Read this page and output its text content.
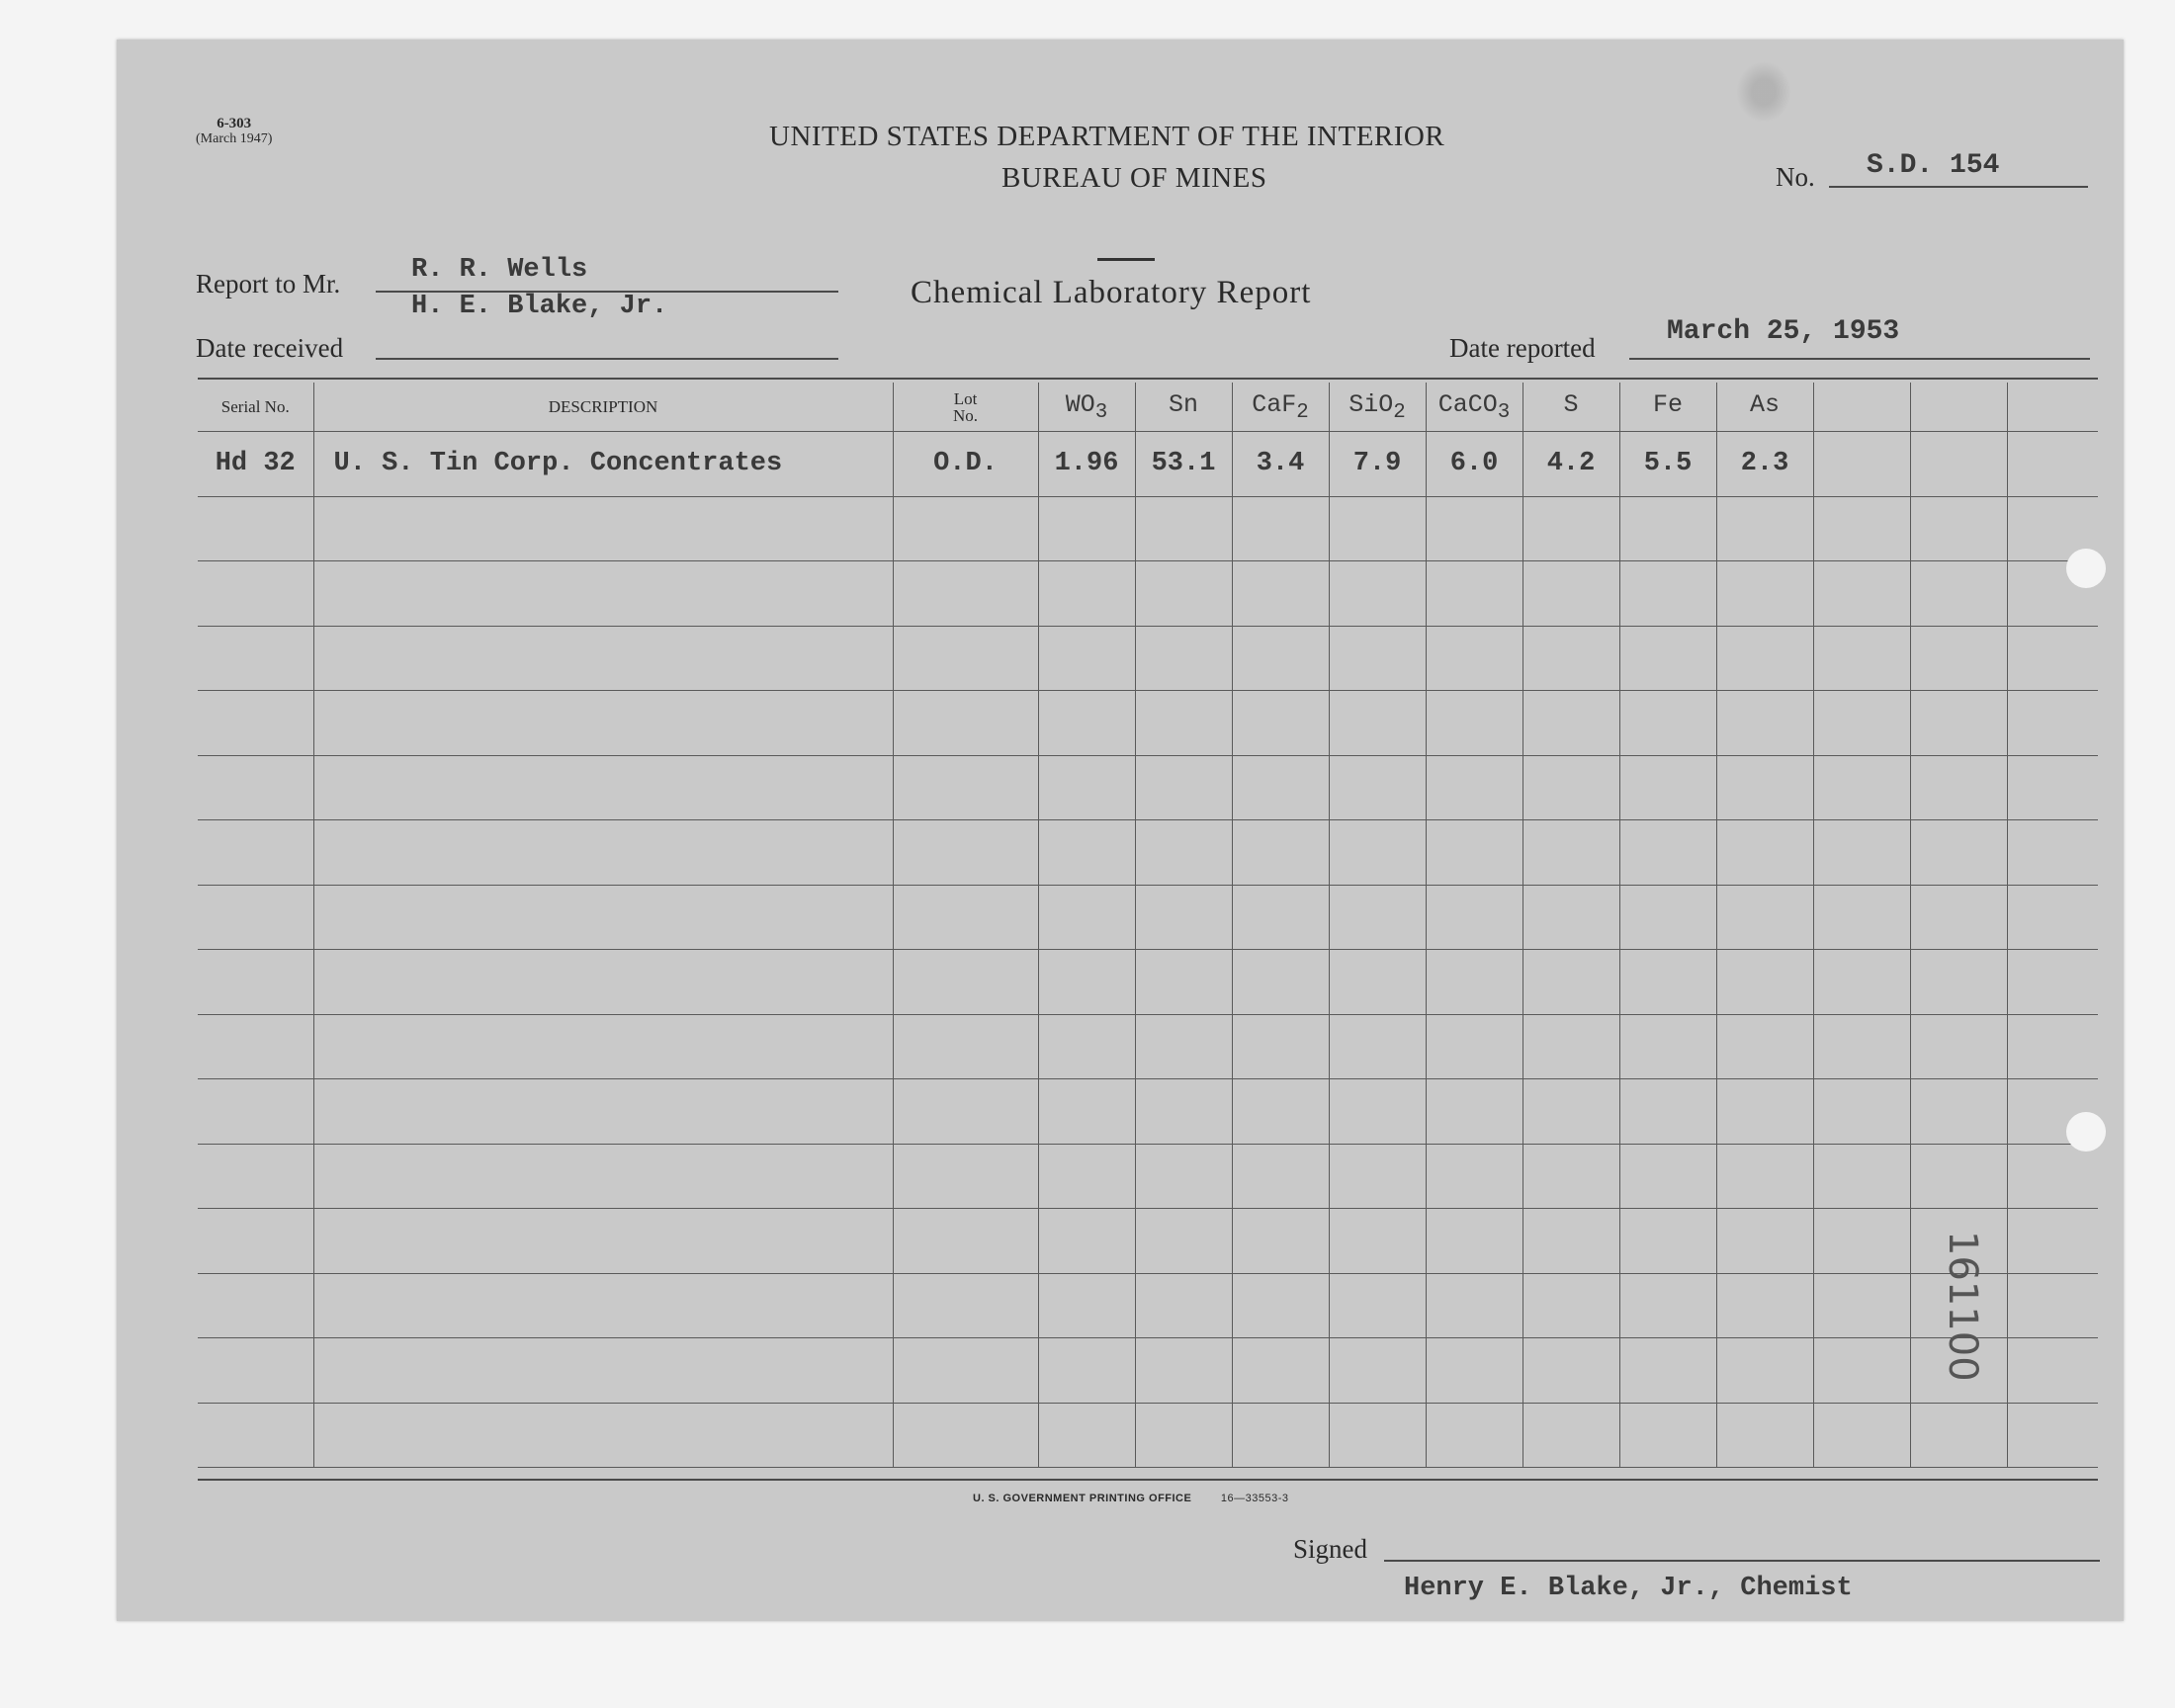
6-303
(March 1947)	UNITED STATES DEPARTMENT OF THE INTERIOR
BUREAU OF MINES	No. S.D. 154
Report to Mr.	R. R. Wells
H. E. Blake, Jr.	Chemical Laboratory Report
Date received	Date reported
March 25, 1953
Serial No.	DESCRIPTION	Lot No.	$WO_3$	Sn	CaF$_2$	SiO$_2$	CaCO$_3$	S	Fe	As			
Hd 32	U. S. Tin Corp. Concentrates	O.D.	1.96	53.1	3.4	7.9	6.0	4.2	5.5	2.3			

U. S. GOVERNMENT PRINTING OFFICE	16—33553-3
Signed
Henry E. Blake, Jr., Chemist
161100
